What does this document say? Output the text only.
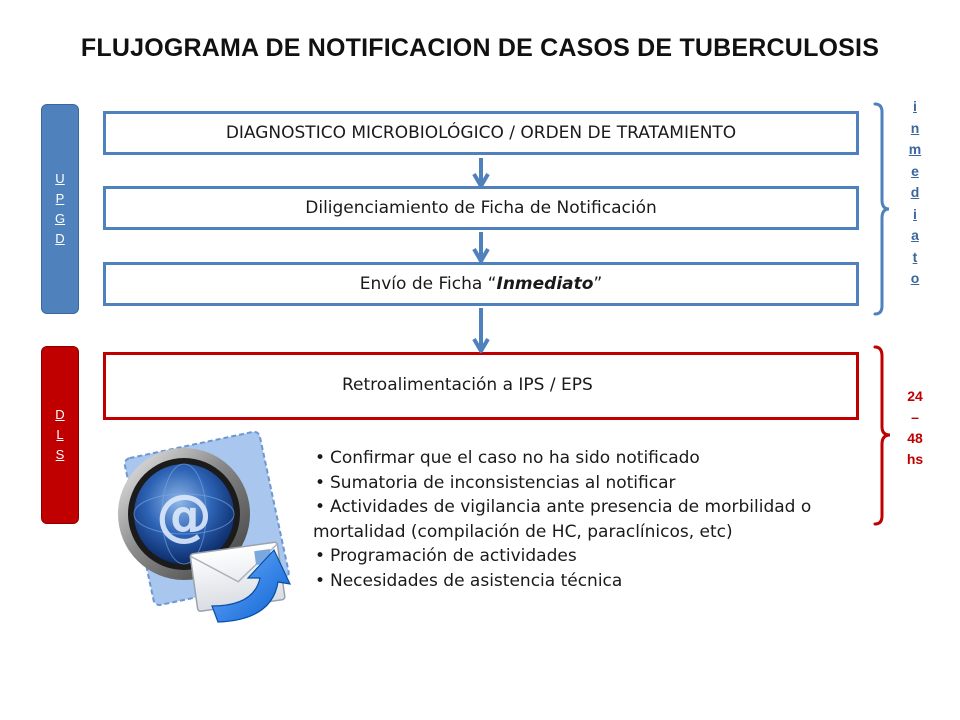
FLUJOGRAMA DE NOTIFICACION DE CASOS DE TUBERCULOSIS
U
P
G
D
D
L
S
DIAGNOSTICO MICROBIOLÓGICO / ORDEN DE TRATAMIENTO
Diligenciamiento de Ficha de Notificación
Envío de Ficha “Inmediato”
Retroalimentación a IPS / EPS
i
n
m
e
d
i
a
t
o
24
–
48
hs
@
• Confirmar que el caso no ha sido notificado
• Sumatoria de inconsistencias al notificar
• Actividades de vigilancia ante presencia de morbilidad o mortalidad (compilación de HC, paraclínicos, etc)
• Programación de actividades
• Necesidades de asistencia técnica
